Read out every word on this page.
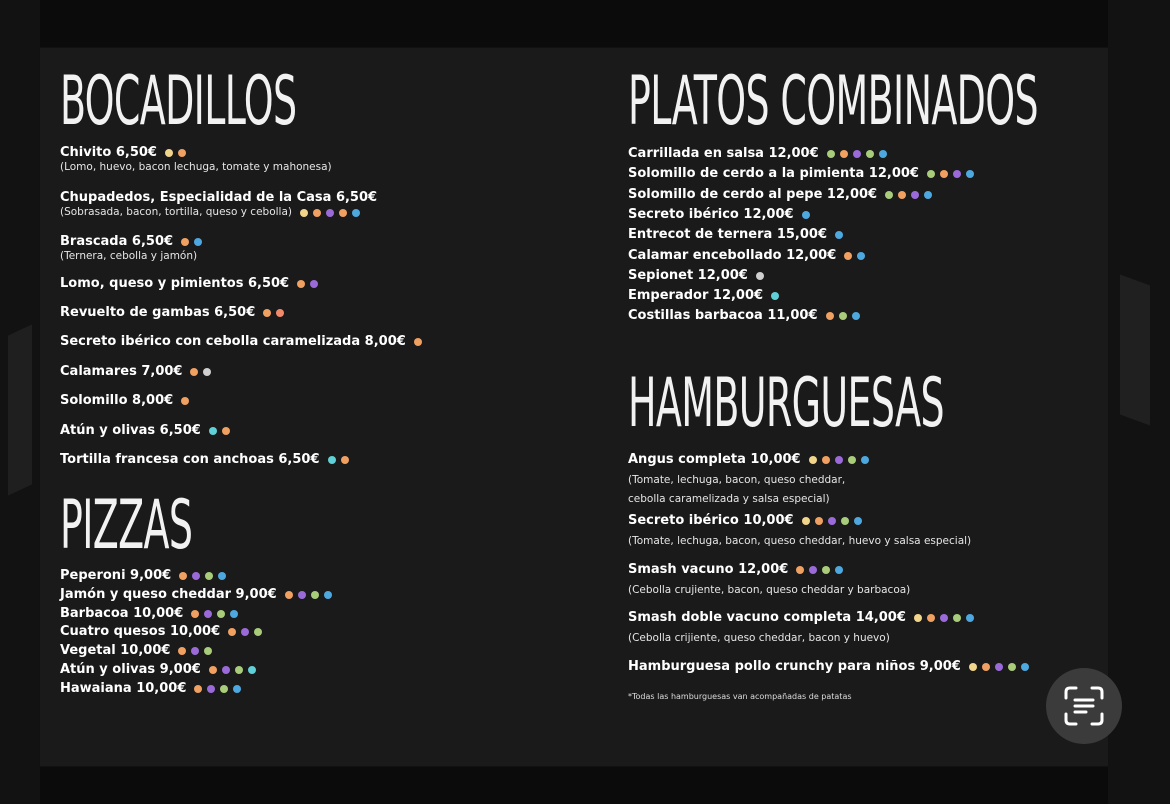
BOCADILLOS
Chivito 6,50€
(Lomo, huevo, bacon lechuga, tomate y mahonesa)
Chupadedos, Especialidad de la Casa 6,50€
(Sobrasada, bacon, tortilla, queso y cebolla)
Brascada 6,50€
(Ternera, cebolla y jamón)
Lomo, queso y pimientos 6,50€
Revuelto de gambas 6,50€
Secreto ibérico con cebolla caramelizada 8,00€
Calamares 7,00€
Solomillo 8,00€
Atún y olivas 6,50€
Tortilla francesa con anchoas 6,50€
PIZZAS
Peperoni 9,00€
Jamón y queso cheddar 9,00€
Barbacoa 10,00€
Cuatro quesos 10,00€
Vegetal 10,00€
Atún y olivas 9,00€
Hawaiana 10,00€
PLATOS COMBINADOS
Carrillada en salsa 12,00€
Solomillo de cerdo a la pimienta 12,00€
Solomillo de cerdo al pepe 12,00€
Secreto ibérico 12,00€
Entrecot de ternera 15,00€
Calamar encebollado 12,00€
Sepionet 12,00€
Emperador 12,00€
Costillas barbacoa 11,00€
HAMBURGUESAS
Angus completa 10,00€
(Tomate, lechuga, bacon, queso cheddar,
cebolla caramelizada y salsa especial)
Secreto ibérico 10,00€
(Tomate, lechuga, bacon, queso cheddar, huevo y salsa especial)
Smash vacuno 12,00€
(Cebolla crujiente, bacon, queso cheddar y barbacoa)
Smash doble vacuno completa 14,00€
(Cebolla crijiente, queso cheddar, bacon y huevo)
Hamburguesa pollo crunchy para niños 9,00€
*Todas las hamburguesas van acompañadas de patatas
